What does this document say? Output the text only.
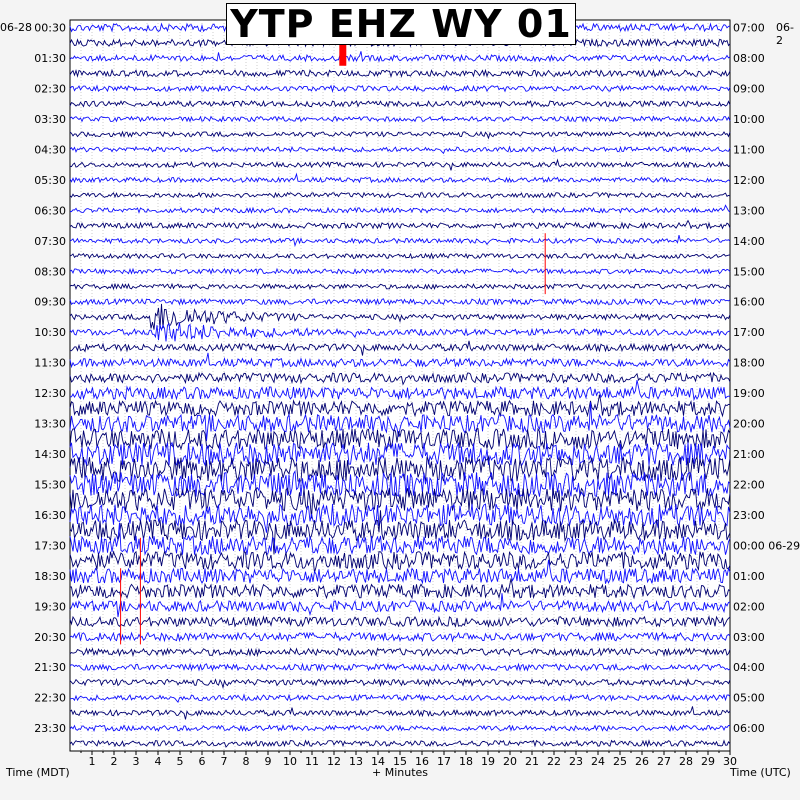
00:30
01:30
02:30
03:30
04:30
05:30
06:30
07:30
08:30
09:30
10:30
11:30
12:30
13:30
14:30
15:30
16:30
17:30
18:30
19:30
20:30
21:30
22:30
23:30
07:00
08:00
09:00
10:00
11:00
12:00
13:00
14:00
15:00
16:00
17:00
18:00
19:00
20:00
21:00
22:00
23:00
00:00 06-29
01:00
02:00
03:00
04:00
05:00
06:00
1 2 3 4 5 6 7 8 9 10 11 12 13 14 15 16 17 18 19 20 21 22 23 24 25 26 27 28 29 30
YTP EHZ WY 01
06-28	06-2
Time (MDT)	+ Minutes	Time (UTC)
